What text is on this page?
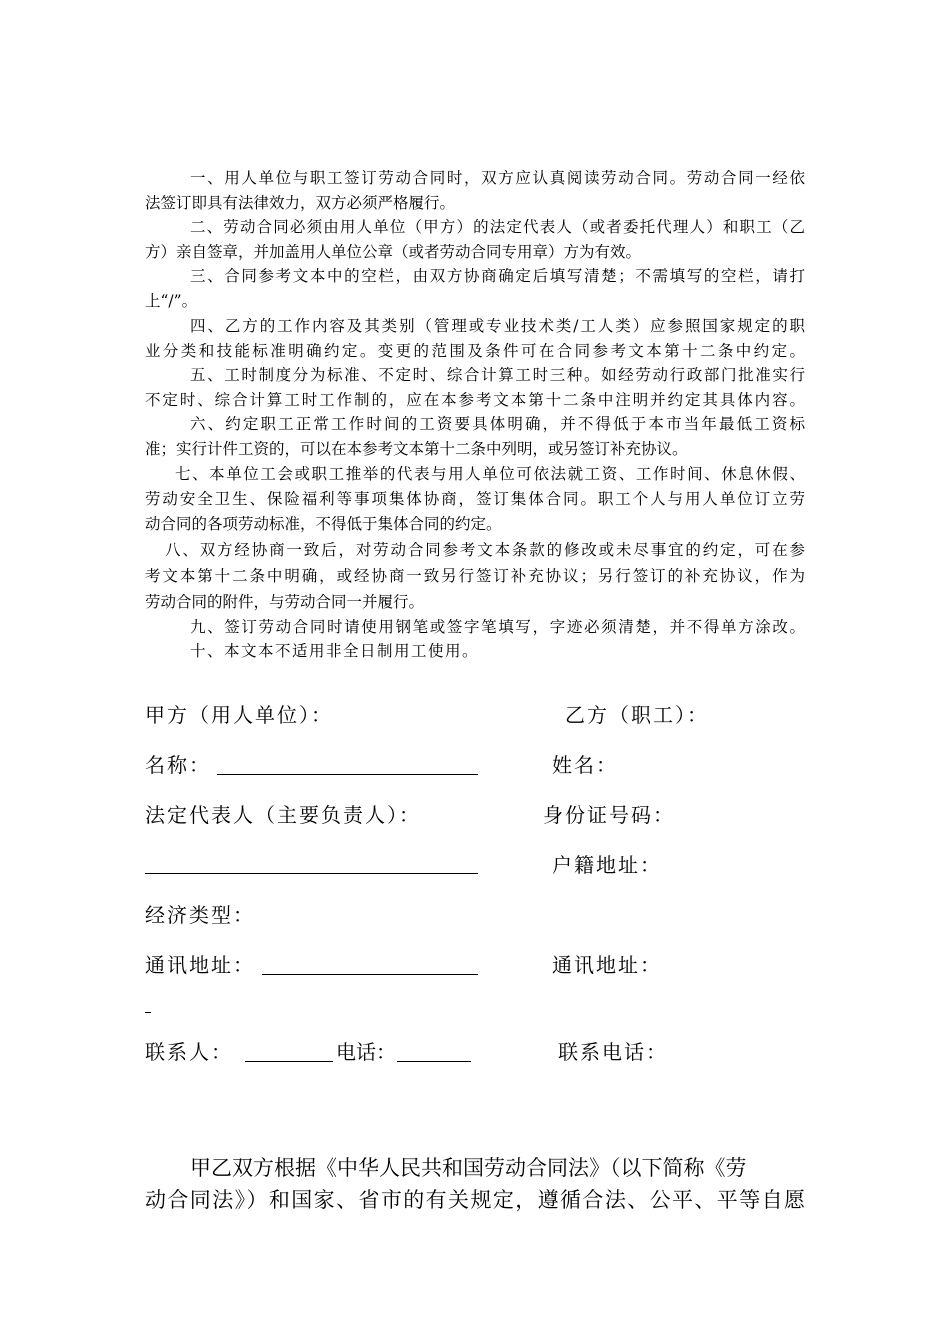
一、用人单位与职工签订劳动合同时，双方应认真阅读劳动合同。劳动合同一经依
法签订即具有法律效力，双方必须严格履行。
二、劳动合同必须由用人单位（甲方）的法定代表人（或者委托代理人）和职工（乙
方）亲自签章，并加盖用人单位公章（或者劳动合同专用章）方为有效。
三、合同参考文本中的空栏，由双方协商确定后填写清楚；不需填写的空栏，请打
上“/”。
四、乙方的工作内容及其类别（管理或专业技术类/工人类）应参照国家规定的职
业分类和技能标准明确约定。变更的范围及条件可在合同参考文本第十二条中约定。
五、工时制度分为标准、不定时、综合计算工时三种。如经劳动行政部门批准实行
不定时、综合计算工时工作制的，应在本参考文本第十二条中注明并约定其具体内容。
六、约定职工正常工作时间的工资要具体明确，并不得低于本市当年最低工资标
准；实行计件工资的，可以在本参考文本第十二条中列明，或另签订补充协议。
七、本单位工会或职工推举的代表与用人单位可依法就工资、工作时间、休息休假、
劳动安全卫生、保险福利等事项集体协商，签订集体合同。职工个人与用人单位订立劳
动合同的各项劳动标准，不得低于集体合同的约定。
八、双方经协商一致后，对劳动合同参考文本条款的修改或未尽事宜的约定，可在参
考文本第十二条中明确，或经协商一致另行签订补充协议；另行签订的补充协议，作为
劳动合同的附件，与劳动合同一并履行。
九、签订劳动合同时请使用钢笔或签字笔填写，字迹必须清楚，并不得单方涂改。
十、本文本不适用非全日制用工使用。
甲方（用人单位）：	乙方（职工）：
名称：	姓名：
法定代表人（主要负责人）：	身份证号码：
户籍地址：
经济类型：
通讯地址：	通讯地址：
联系人：	电话：	联系电话：
甲乙双方根据《中华人民共和国劳动合同法》（以下简称《劳
动合同法》）和国家、省市的有关规定，遵循合法、公平、平等自愿
